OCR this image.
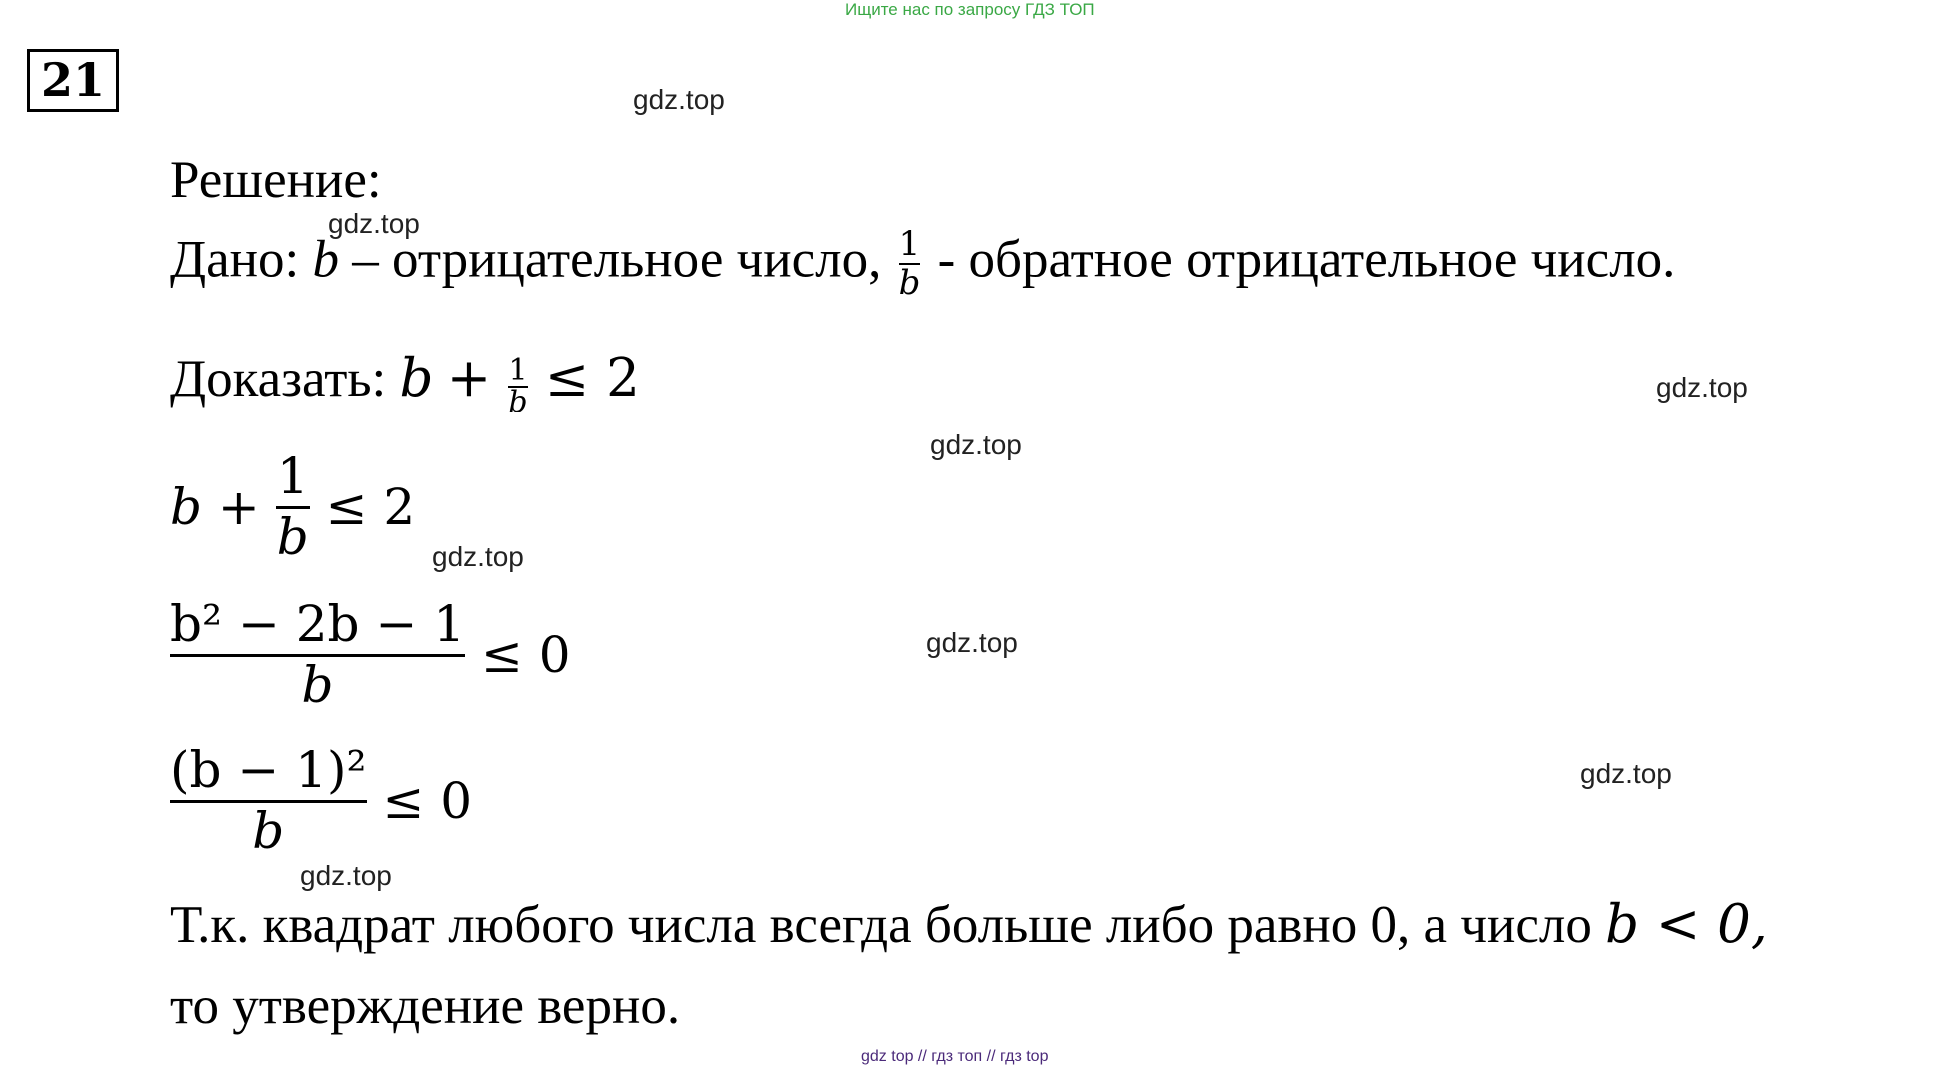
Ищите нас по запросу ГДЗ ТОП
21	gdz.top
gdz.top
gdz.top
gdz.top
gdz.top
gdz.top
gdz.top
gdz.top
Решение:
Дано: b – отрицательное число, $\frac{1}{b}$ - обратное отрицательное число.
Доказать: $b + \frac{1}{b} \le 2$
$b + \frac{1}{b} \le 2$
$\frac{\text{b² − 2b − 1}}{b} \le 0$
$\frac{\text{(b − 1)²}}{b} \le 0$
Т.к. квадрат любого числа всегда больше либо равно 0, а число b < 0,
то утверждение верно.
gdz top // гдз топ // гдз top
